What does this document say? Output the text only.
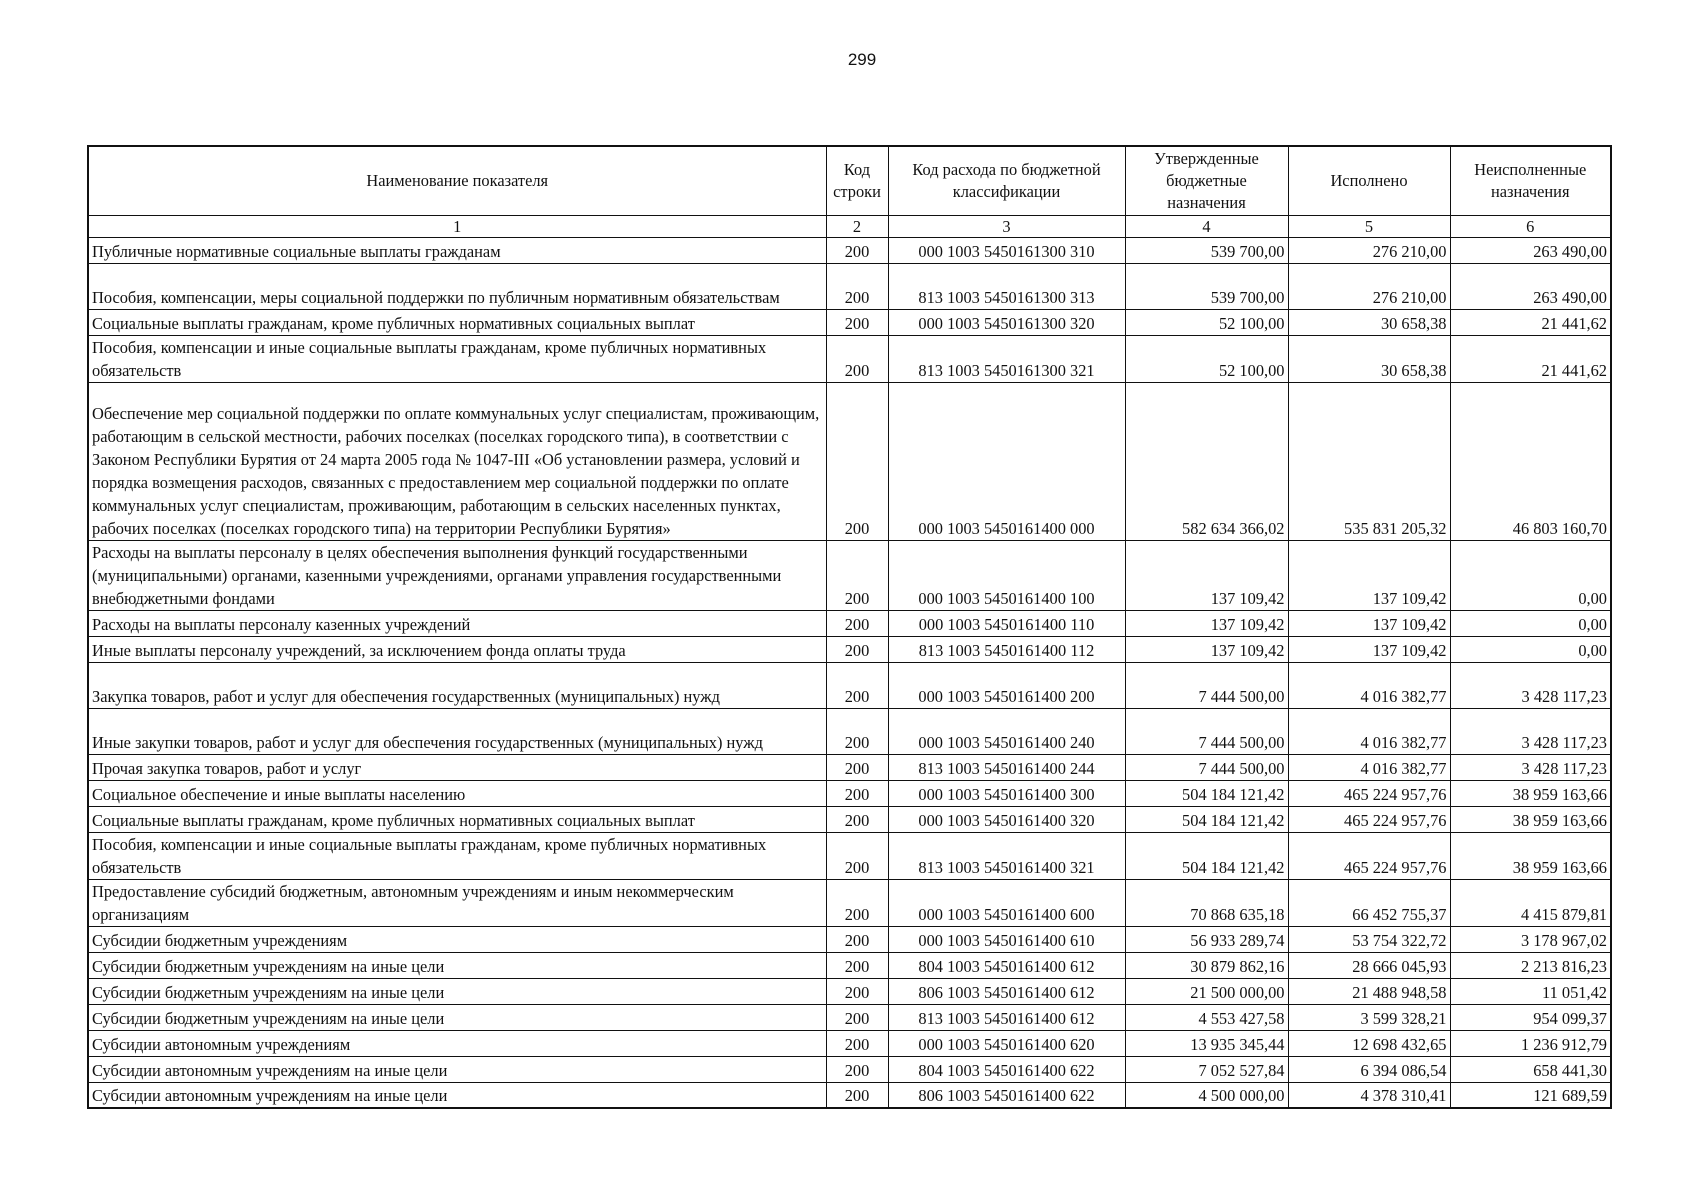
299
Наименование показателя	Код строки	Код расхода по бюджетной классификации	Утвержденные бюджетные назначения	Исполнено	Неисполненные назначения
1	2	3	4	5	6
Публичные нормативные социальные выплаты гражданам	200	000 1003 5450161300 310	539 700,00	276 210,00	263 490,00
Пособия, компенсации, меры социальной поддержки по публичным нормативным обязательствам	200	813 1003 5450161300 313	539 700,00	276 210,00	263 490,00
Социальные выплаты гражданам, кроме публичных нормативных социальных выплат	200	000 1003 5450161300 320	52 100,00	30 658,38	21 441,62
Пособия, компенсации и иные социальные выплаты гражданам, кроме публичных нормативных обязательств	200	813 1003 5450161300 321	52 100,00	30 658,38	21 441,62
Обеспечение мер социальной поддержки по оплате коммунальных услуг специалистам, проживающим, работающим в сельской местности, рабочих поселках (поселках городского типа), в соответствии с Законом Республики Бурятия от 24 марта 2005 года № 1047-III «Об установлении размера, условий и порядка возмещения расходов, связанных с предоставлением мер социальной поддержки по оплате коммунальных услуг специалистам, проживающим, работающим в сельских населенных пунктах, рабочих поселках (поселках городского типа) на территории Республики Бурятия»	200	000 1003 5450161400 000	582 634 366,02	535 831 205,32	46 803 160,70
Расходы на выплаты персоналу в целях обеспечения выполнения функций государственными (муниципальными) органами, казенными учреждениями, органами управления государственными внебюджетными фондами	200	000 1003 5450161400 100	137 109,42	137 109,42	0,00
Расходы на выплаты персоналу казенных учреждений	200	000 1003 5450161400 110	137 109,42	137 109,42	0,00
Иные выплаты персоналу учреждений, за исключением фонда оплаты труда	200	813 1003 5450161400 112	137 109,42	137 109,42	0,00
Закупка товаров, работ и услуг для обеспечения государственных (муниципальных) нужд	200	000 1003 5450161400 200	7 444 500,00	4 016 382,77	3 428 117,23
Иные закупки товаров, работ и услуг для обеспечения государственных (муниципальных) нужд	200	000 1003 5450161400 240	7 444 500,00	4 016 382,77	3 428 117,23
Прочая закупка товаров, работ и услуг	200	813 1003 5450161400 244	7 444 500,00	4 016 382,77	3 428 117,23
Социальное обеспечение и иные выплаты населению	200	000 1003 5450161400 300	504 184 121,42	465 224 957,76	38 959 163,66
Социальные выплаты гражданам, кроме публичных нормативных социальных выплат	200	000 1003 5450161400 320	504 184 121,42	465 224 957,76	38 959 163,66
Пособия, компенсации и иные социальные выплаты гражданам, кроме публичных нормативных обязательств	200	813 1003 5450161400 321	504 184 121,42	465 224 957,76	38 959 163,66
Предоставление субсидий бюджетным, автономным учреждениям и иным некоммерческим организациям	200	000 1003 5450161400 600	70 868 635,18	66 452 755,37	4 415 879,81
Субсидии бюджетным учреждениям	200	000 1003 5450161400 610	56 933 289,74	53 754 322,72	3 178 967,02
Субсидии бюджетным учреждениям на иные цели	200	804 1003 5450161400 612	30 879 862,16	28 666 045,93	2 213 816,23
Субсидии бюджетным учреждениям на иные цели	200	806 1003 5450161400 612	21 500 000,00	21 488 948,58	11 051,42
Субсидии бюджетным учреждениям на иные цели	200	813 1003 5450161400 612	4 553 427,58	3 599 328,21	954 099,37
Субсидии автономным учреждениям	200	000 1003 5450161400 620	13 935 345,44	12 698 432,65	1 236 912,79
Субсидии автономным учреждениям на иные цели	200	804 1003 5450161400 622	7 052 527,84	6 394 086,54	658 441,30
Субсидии автономным учреждениям на иные цели	200	806 1003 5450161400 622	4 500 000,00	4 378 310,41	121 689,59
